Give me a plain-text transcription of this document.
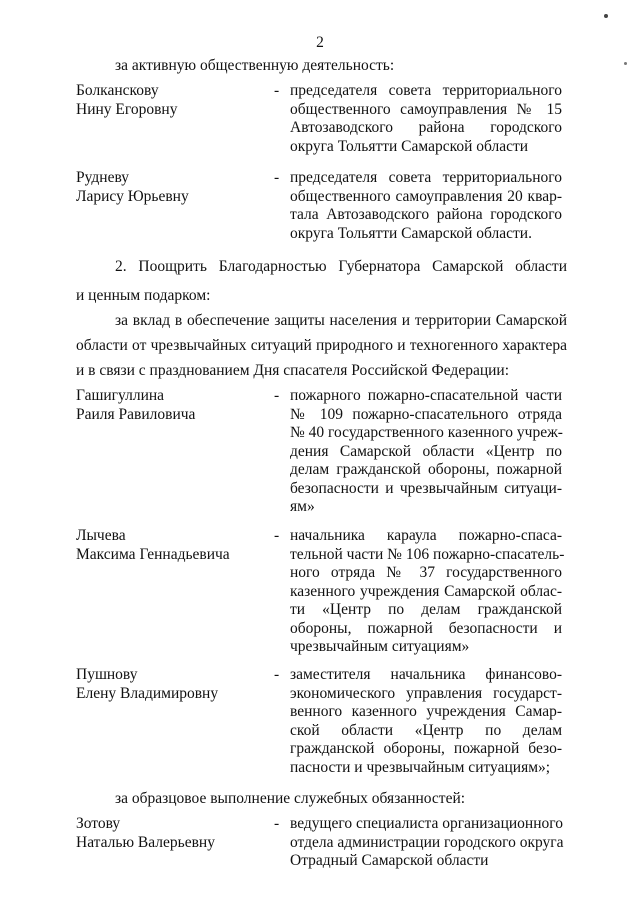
2
за активную общественную деятельность:
Болканскову
Нину Егоровну
- председателя совета территориального
общественного самоуправления № 15
Автозаводского района городского
округа Тольятти Самарской области
Рудневу
Ларису Юрьевну
- председателя совета территориального
общественного самоуправления 20 квар-
тала Автозаводского района городского
округа Тольятти Самарской области.
2. Поощрить Благодарностью Губернатора Самарской области
и ценным подарком:
за вклад в обеспечение защиты населения и территории Самарской
области от чрезвычайных ситуаций природного и техногенного характера
и в связи с празднованием Дня спасателя Российской Федерации:
Гашигуллина
Раиля Равиловича
- пожарного пожарно-спасательной части
№ 109 пожарно-спасательного отряда
№ 40 государственного казенного учреж-
дения Самарской области «Центр по
делам гражданской обороны, пожарной
безопасности и чрезвычайным ситуаци-
ям»
Лычева
Максима Геннадьевича
- начальника караула пожарно-спаса-
тельной части № 106 пожарно-спасатель-
ного отряда № 37 государственного
казенного учреждения Самарской облас-
ти «Центр по делам гражданской
обороны, пожарной безопасности и
чрезвычайным ситуациям»
Пушнову
Елену Владимировну
- заместителя начальника финансово-
экономического управления государст-
венного казенного учреждения Самар-
ской области «Центр по делам
гражданской обороны, пожарной безо-
пасности и чрезвычайным ситуациям»;
за образцовое выполнение служебных обязанностей:
Зотову
Наталью Валерьевну
- ведущего специалиста организационного
отдела администрации городского округа
Отрадный Самарской области
